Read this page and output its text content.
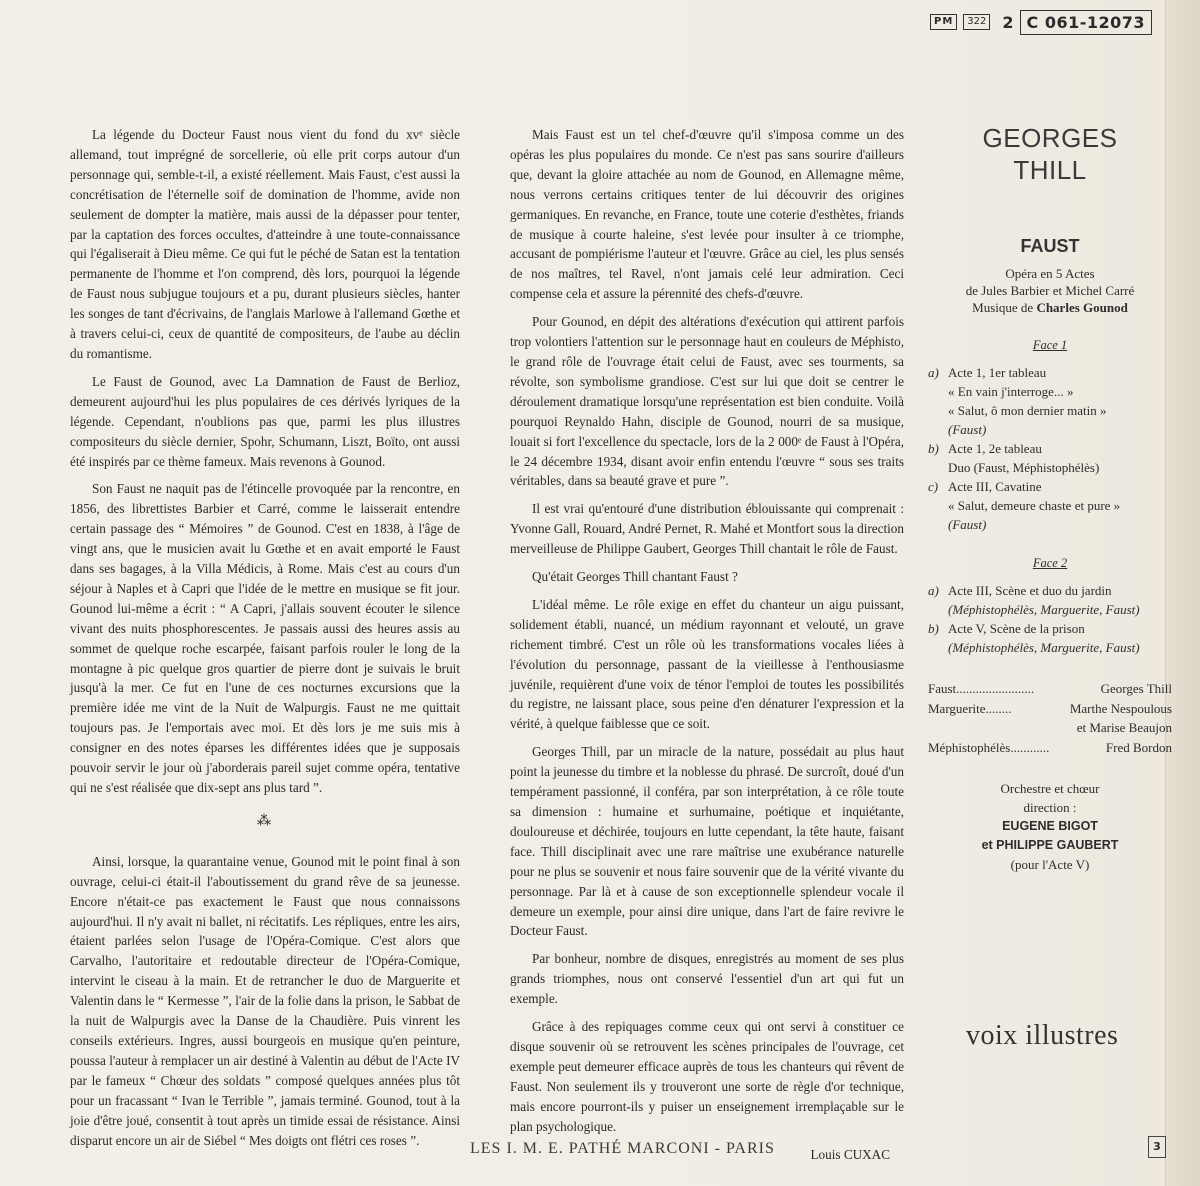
PM	322 2 C 061-12073

La légende du Docteur Faust nous vient du fond du xvᵉ siècle allemand, tout imprégné de sorcellerie, où elle prit corps autour d'un personnage qui, semble-t-il, a existé réellement. Mais Faust, c'est aussi la concrétisation de l'éternelle soif de domination de l'homme, avide non seulement de dompter la matière, mais aussi de la dépasser pour tenter, par la captation des forces occultes, d'atteindre à une toute-connaissance qui l'égaliserait à Dieu même. Ce qui fut le péché de Satan est la tentation permanente de l'homme et l'on comprend, dès lors, pourquoi la légende de Faust nous subjugue toujours et a pu, durant plusieurs siècles, hanter les songes de tant d'écrivains, de l'anglais Marlowe à l'allemand Gœthe et à travers celui-ci, ceux de quantité de compositeurs, de l'aube au déclin du romantisme.

Le Faust de Gounod, avec La Damnation de Faust de Berlioz, demeurent aujourd'hui les plus populaires de ces dérivés lyriques de la légende. Cependant, n'oublions pas que, parmi les plus illustres compositeurs du siècle dernier, Spohr, Schumann, Liszt, Boïto, ont aussi été inspirés par ce thème fameux. Mais revenons à Gounod.

Son Faust ne naquit pas de l'étincelle provoquée par la rencontre, en 1856, des librettistes Barbier et Carré, comme le laisserait entendre certain passage des “ Mémoires ” de Gounod. C'est en 1838, à l'âge de vingt ans, que le musicien avait lu Gœthe et en avait emporté le Faust dans ses bagages, à la Villa Médicis, à Rome. Mais c'est au cours d'un séjour à Naples et à Capri que l'idée de le mettre en musique se fit jour. Gounod lui-même a écrit : “ A Capri, j'allais souvent écouter le silence vivant des nuits phosphorescentes. Je passais aussi des heures assis au sommet de quelque roche escarpée, faisant parfois rouler le long de la montagne à pic quelque gros quartier de pierre dont je suivais le bruit jusqu'à la mer. Ce fut en l'une de ces nocturnes excursions que la première idée me vint de la Nuit de Walpurgis. Faust ne me quittait toujours pas. Je l'emportais avec moi. Et dès lors je me suis mis à consigner en des notes éparses les différentes idées que je supposais pouvoir servir le jour où j'aborderais pareil sujet comme opéra, tentative qui ne s'est réalisée que dix-sept ans plus tard ”.

⁂

Ainsi, lorsque, la quarantaine venue, Gounod mit le point final à son ouvrage, celui-ci était-il l'aboutissement du grand rêve de sa jeunesse. Encore n'était-ce pas exactement le Faust que nous connaissons aujourd'hui. Il n'y avait ni ballet, ni récitatifs. Les répliques, entre les airs, étaient parlées selon l'usage de l'Opéra-Comique. C'est alors que Carvalho, l'autoritaire et redoutable directeur de l'Opéra-Comique, intervint le ciseau à la main. Et de retrancher le duo de Marguerite et Valentin dans le “ Kermesse ”, l'air de la folie dans la prison, le Sabbat de la nuit de Walpurgis avec la Danse de la Chaudière. Puis vinrent les conseils extérieurs. Ingres, aussi bourgeois en musique qu'en peinture, poussa l'auteur à remplacer un air destiné à Valentin au début de l'Acte IV par le fameux “ Chœur des soldats ” composé quelques années plus tôt pour un fracassant “ Ivan le Terrible ”, jamais terminé. Gounod, tout à la joie d'être joué, consentit à tout après un timide essai de résistance. Ainsi disparut encore un air de Siébel “ Mes doigts ont flétri ces roses ”.

Mais Faust est un tel chef-d'œuvre qu'il s'imposa comme un des opéras les plus populaires du monde. Ce n'est pas sans sourire d'ailleurs que, devant la gloire attachée au nom de Gounod, en Allemagne même, nous verrons certains critiques tenter de lui découvrir des origines germaniques. En revanche, en France, toute une coterie d'esthètes, friands de musique à courte haleine, s'est levée pour insulter à ce triomphe, accusant de pompiérisme l'auteur et l'œuvre. Grâce au ciel, les plus sensés de nos maîtres, tel Ravel, n'ont jamais celé leur admiration. Ceci compense cela et assure la pérennité des chefs-d'œuvre.

Pour Gounod, en dépit des altérations d'exécution qui attirent parfois trop volontiers l'attention sur le personnage haut en couleurs de Méphisto, le grand rôle de l'ouvrage était celui de Faust, avec ses tourments, sa révolte, son symbolisme grandiose. C'est sur lui que doit se centrer le déroulement dramatique lorsqu'une représentation est bien conduite. Voilà pourquoi Reynaldo Hahn, disciple de Gounod, nourri de sa musique, louait si fort l'excellence du spectacle, lors de la 2 000ᵉ de Faust à l'Opéra, le 24 décembre 1934, disant avoir enfin entendu l'œuvre “ sous ses traits véritables, dans sa beauté grave et pure ”.

Il est vrai qu'entouré d'une distribution éblouissante qui comprenait : Yvonne Gall, Rouard, André Pernet, R. Mahé et Montfort sous la direction merveilleuse de Philippe Gaubert, Georges Thill chantait le rôle de Faust.

Qu'était Georges Thill chantant Faust ?

L'idéal même. Le rôle exige en effet du chanteur un aigu puissant, solidement établi, nuancé, un médium rayonnant et velouté, un grave richement timbré. C'est un rôle où les transformations vocales liées à l'évolution du personnage, passant de la vieillesse à l'enthousiasme juvénile, requièrent d'une voix de ténor l'emploi de toutes les possibilités du registre, ne laissant place, sous peine d'en dénaturer l'expression et la vérité, à quelque faiblesse que ce soit.

Georges Thill, par un miracle de la nature, possédait au plus haut point la jeunesse du timbre et la noblesse du phrasé. De surcroît, doué d'un tempérament passionné, il conféra, par son interprétation, à ce rôle toute sa dimension : humaine et surhumaine, poétique et inquiétante, douloureuse et déchirée, toujours en lutte cependant, la tête haute, faisant face. Thill disciplinait avec une rare maîtrise une exubérance naturelle pour ne plus se souvenir et nous faire souvenir que de la vérité vivante du personnage. Par là et à cause de son exceptionnelle splendeur vocale il demeure un exemple, pour ainsi dire unique, dans l'art de faire revivre le Docteur Faust.

Par bonheur, nombre de disques, enregistrés au moment de ses plus grands triomphes, nous ont conservé l'essentiel d'un art qui fut un exemple.

Grâce à des repiquages comme ceux qui ont servi à constituer ce disque souvenir où se retrouvent les scènes principales de l'ouvrage, cet exemple peut demeurer efficace auprès de tous les chanteurs qui rêvent de Faust. Non seulement ils y trouveront une sorte de règle d'or technique, mais encore pourront-ils y puiser un enseignement irremplaçable sur le plan psychologique.

Louis CUXAC
GEORGES
THILL
FAUST
Opéra en 5 Actes
de Jules Barbier et Michel Carré
Musique de Charles Gounod
Face 1
a) Acte 1, 1er tableau
« En vain j'interroge... »
« Salut, ô mon dernier matin »
(Faust)
b) Acte 1, 2e tableau
Duo (Faust, Méphistophélès)
c) Acte III, Cavatine
« Salut, demeure chaste et pure »
(Faust)
Face 2
a) Acte III, Scène et duo du jardin
(Méphistophélès, Marguerite, Faust)
b) Acte V, Scène de la prison
(Méphistophélès, Marguerite, Faust)
Faust........................	Georges Thill
Marguerite........	Marthe Nespoulous
et Marise Beaujon
Méphistophélès............	Fred Bordon
Orchestre et chœur
direction :
EUGENE BIGOT
et PHILIPPE GAUBERT
(pour l'Acte V)
voix illustres
LES I. M. E. PATHÉ MARCONI - PARIS	3
